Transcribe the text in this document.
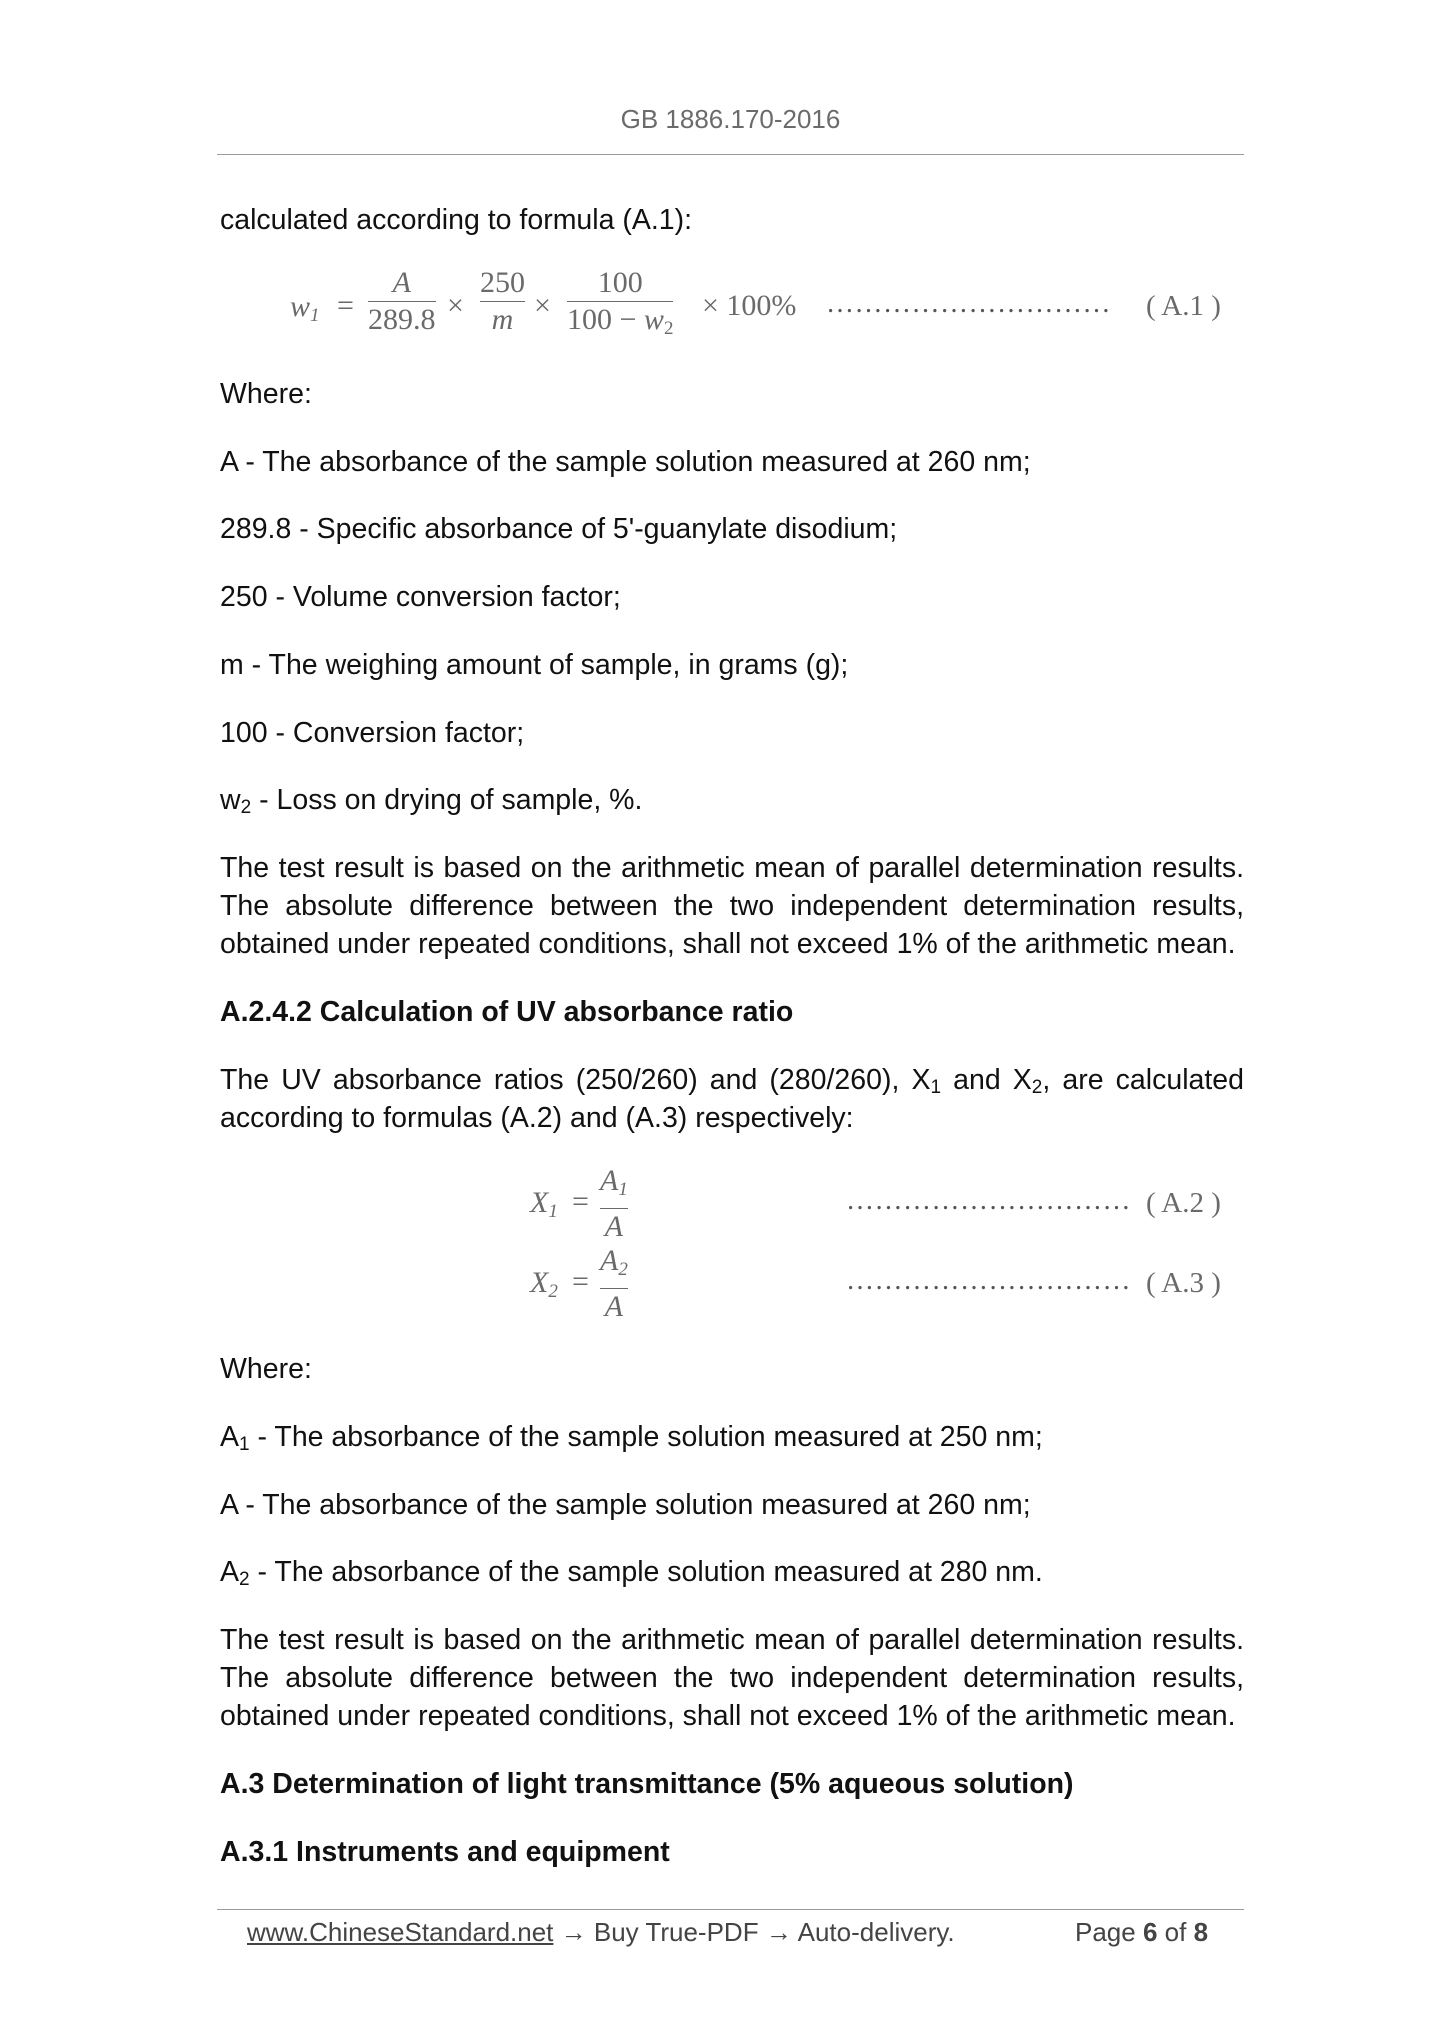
GB 1886.170-2016

calculated according to formula (A.1):

w1 =
A
289.8 ×
250
m ×
100
100 − w2
× 100% ………………………… ( A.1 )

Where:

A - The absorbance of the sample solution measured at 260 nm;

289.8 - Specific absorbance of 5'-guanylate disodium;

250 - Volume conversion factor;

m - The weighing amount of sample, in grams (g);

100 - Conversion factor;

$w_2$ - Loss on drying of sample, %.

The test result is based on the arithmetic mean of parallel determination results. The absolute difference between the two independent determination results, obtained under repeated conditions, shall not exceed 1% of the arithmetic mean.

A.2.4.2 Calculation of UV absorbance ratio

The UV absorbance ratios (250/260) and (280/260), $X_1$ and $X_2$, are calculated according to formulas (A.2) and (A.3) respectively:

X1 =
A1
A
………………………… ( A.2 )
X2 =
A2
A
………………………… ( A.3 )

Where:

$A_1$ - The absorbance of the sample solution measured at 250 nm;

A - The absorbance of the sample solution measured at 260 nm;

$A_2$ - The absorbance of the sample solution measured at 280 nm.

The test result is based on the arithmetic mean of parallel determination results. The absolute difference between the two independent determination results, obtained under repeated conditions, shall not exceed 1% of the arithmetic mean.

A.3 Determination of light transmittance (5% aqueous solution)

A.3.1 Instruments and equipment

www.ChineseStandard.net → Buy True-PDF → Auto-delivery.	Page 6 of 8
